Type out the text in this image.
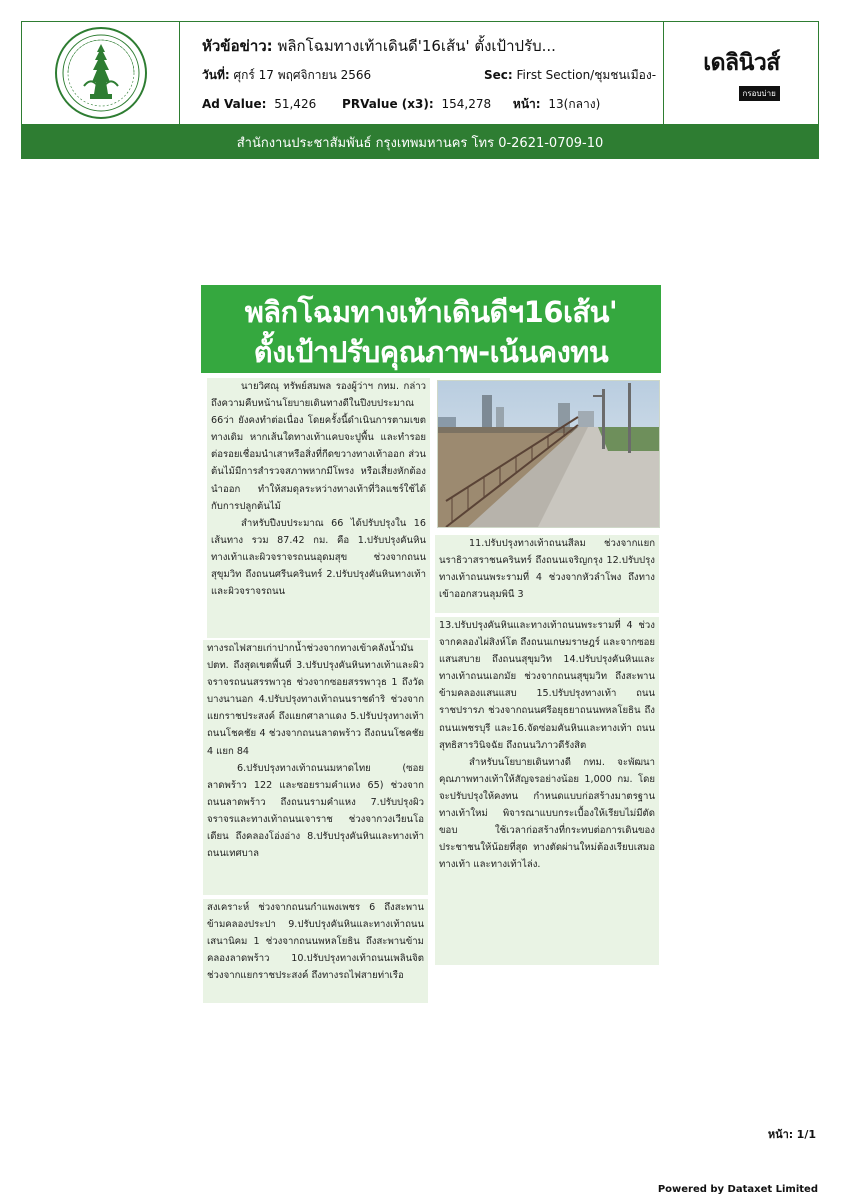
หัวข้อข่าว: พลิกโฉมทางเท้าเดินดี'16เส้น' ตั้งเป้าปรับ...
วันที่: ศุกร์ 17 พฤศจิกายน 2566	Sec: First Section/ชุมชนเมือง-
Ad Value: 51,426 PRValue (x3): 154,278 หน้า: 13(กลาง)
เดลินิวส์
กรอบบ่าย
สำนักงานประชาสัมพันธ์ กรุงเทพมหานคร โทร 0-2621-0709-10
พลิกโฉมทางเท้าเดินดีฯ16เส้น'
ตั้งเป้าปรับคุณภาพ-เน้นคงทน

นายวิศณุ ทรัพย์สมพล รองผู้ว่าฯ กทม. กล่าวถึงความคืบหน้านโยบายเดินทางดีในปีงบประมาณ 66ว่า ยังคงทำต่อเนื่อง โดยครั้งนี้ดำเนินการตามเขตทางเดิม หากเส้นใดทางเท้าแคบจะปูพื้น และทำรอยต่อรอยเชื่อมนำเสาหรือสิ่งที่กีดขวางทางเท้าออก ส่วนต้นไม้มีการสำรวจสภาพหากมีโพรง หรือเสี่ยงหักต้องนำออก ทำให้สมดุลระหว่างทางเท้าที่วิลแชร์ใช้ได้ กับการปลูกต้นไม้

สำหรับปีงบประมาณ 66 ได้ปรับปรุงใน 16 เส้นทาง รวม 87.42 กม. คือ 1.ปรับปรุงคันหินทางเท้าและผิวจราจรถนนอุดมสุข ช่วงจากถนนสุขุมวิท ถึงถนนศรีนครินทร์ 2.ปรับปรุงคันหินทางเท้าและผิวจราจรถนน

ทางรถไฟสายเก่าปากน้ำช่วงจากทางเข้าคลังน้ำมัน ปตท. ถึงสุดเขตพื้นที่ 3.ปรับปรุงคันหินทางเท้าและผิวจราจรถนนสรรพาวุธ ช่วงจากซอยสรรพาวุธ 1 ถึงวัดบางนานอก 4.ปรับปรุงทางเท้าถนนราชดำริ ช่วงจากแยกราชประสงค์ ถึงแยกศาลาแดง 5.ปรับปรุงทางเท้าถนนโชคชัย 4 ช่วงจากถนนลาดพร้าว ถึงถนนโชคชัย 4 แยก 84

6.ปรับปรุงทางเท้าถนนมหาดไทย (ซอยลาดพร้าว 122 และซอยรามคำแหง 65) ช่วงจากถนนลาดพร้าว ถึงถนนรามคำแหง 7.ปรับปรุงผิวจราจรและทางเท้าถนนเจาราช ช่วงจากวงเวียนโอเดียน ถึงคลองโอ่งอ่าง 8.ปรับปรุงคันหินและทางเท้าถนนเทศบาล

สงเคราะห์ ช่วงจากถนนกำแพงเพชร 6 ถึงสะพานข้ามคลองประปา 9.ปรับปรุงคันหินและทางเท้าถนนเสนานิคม 1 ช่วงจากถนนพหลโยธิน ถึงสะพานข้ามคลองลาดพร้าว 10.ปรับปรุงทางเท้าถนนเพลินจิต ช่วงจากแยกราชประสงค์ ถึงทางรถไฟสายท่าเรือ

11.ปรับปรุงทางเท้าถนนสีลม ช่วงจากแยกนราธิวาสราชนครินทร์ ถึงถนนเจริญกรุง 12.ปรับปรุงทางเท้าถนนพระรามที่ 4 ช่วงจากหัวลำโพง ถึงทางเข้าออกสวนลุมพินี 3

13.ปรับปรุงคันหินและทางเท้าถนนพระรามที่ 4 ช่วงจากคลองไผ่สิงห์โต ถึงถนนเกษมราษฎร์ และจากซอยแสนสบาย ถึงถนนสุขุมวิท 14.ปรับปรุงคันหินและทางเท้าถนนเอกมัย ช่วงจากถนนสุขุมวิท ถึงสะพานข้ามคลองแสนแสบ 15.ปรับปรุงทางเท้า ถนนราชปรารภ ช่วงจากถนนศรีอยุธยาถนนพหลโยธิน ถึงถนนเพชรบุรี และ16.จัดซ่อมคันหินและทางเท้า ถนนสุทธิสารวินิจฉัย ถึงถนนวิภาวดีรังสิต

สำหรับนโยบายเดินทางดี กทม. จะพัฒนาคุณภาพทางเท้าให้สัญจรอย่างน้อย 1,000 กม. โดยจะปรับปรุงให้คงทน กำหนดแบบก่อสร้างมาตรฐานทางเท้าใหม่ พิจารณาแบบกระเบื้องให้เรียบไม่มีตัดขอบ ใช้เวลาก่อสร้างที่กระทบต่อการเดินของประชาชนให้น้อยที่สุด ทางตัดผ่านใหม่ต้องเรียบเสมอทางเท้า และทางเท้าไล่ง.

หน้า: 1/1
Powered by Dataxet Limited
